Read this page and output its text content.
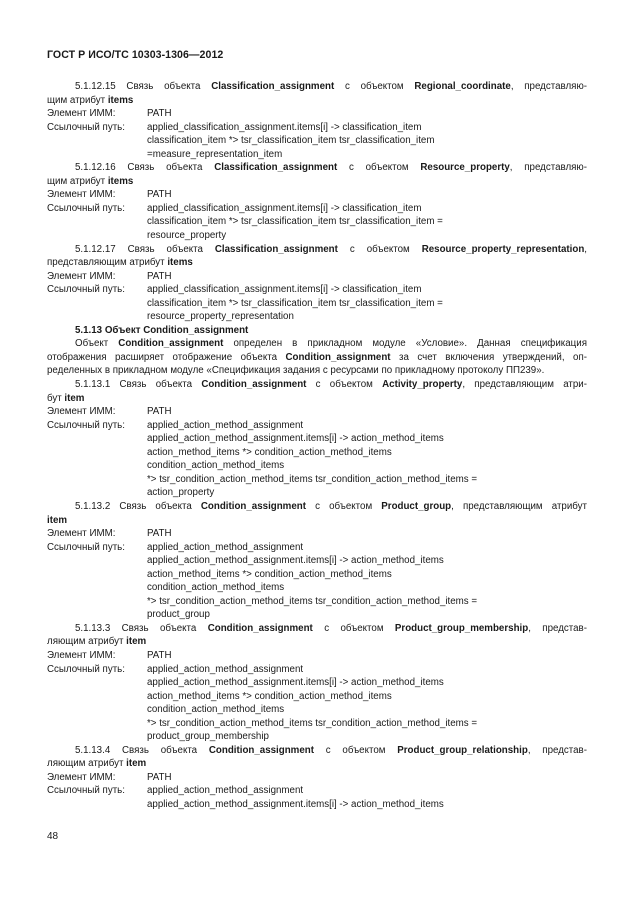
ГОСТ Р ИСО/ТС 10303-1306—2012
5.1.12.15 Связь объекта Classification_assignment с объектом Regional_coordinate, представляю-
щим атрибут items
Элемент ИММ:	PATH
Ссылочный путь:	applied_classification_assignment.items[i] -> classification_item
classification_item *> tsr_classification_item tsr_classification_item
=measure_representation_item
5.1.12.16 Связь объекта Classification_assignment с объектом Resource_property, представляю-
щим атрибут items
Элемент ИММ:	PATH
Ссылочный путь:	applied_classification_assignment.items[i] -> classification_item
classification_item *> tsr_classification_item tsr_classification_item =
resource_property
5.1.12.17 Связь объекта Classification_assignment с объектом Resource_property_representation,
представляющим атрибут items
Элемент ИММ:	PATH
Ссылочный путь:	applied_classification_assignment.items[i] -> classification_item
classification_item *> tsr_classification_item tsr_classification_item =
resource_property_representation
5.1.13 Объект Condition_assignment
Объект Condition_assignment определен в прикладном модуле «Условие». Данная спецификация
отображения расширяет отображение объекта Condition_assignment за счет включения утверждений, оп-
ределенных в прикладном модуле «Спецификация задания с ресурсами по прикладному протоколу ПП239».
5.1.13.1 Связь объекта Condition_assignment с объектом Activity_property, представляющим атри-
бут item
Элемент ИММ:	PATH
Ссылочный путь:	applied_action_method_assignment
applied_action_method_assignment.items[i] -> action_method_items
action_method_items *> condition_action_method_items
condition_action_method_items
*> tsr_condition_action_method_items tsr_condition_action_method_items =
action_property
5.1.13.2 Связь объекта Condition_assignment с объектом Product_group, представляющим атрибут
item
Элемент ИММ:	PATH
Ссылочный путь:	applied_action_method_assignment
applied_action_method_assignment.items[i] -> action_method_items
action_method_items *> condition_action_method_items
condition_action_method_items
*> tsr_condition_action_method_items tsr_condition_action_method_items =
product_group
5.1.13.3 Связь объекта Condition_assignment с объектом Product_group_membership, представ-
ляющим атрибут item
Элемент ИММ:	PATH
Ссылочный путь:	applied_action_method_assignment
applied_action_method_assignment.items[i] -> action_method_items
action_method_items *> condition_action_method_items
condition_action_method_items
*> tsr_condition_action_method_items tsr_condition_action_method_items =
product_group_membership
5.1.13.4 Связь объекта Condition_assignment с объектом Product_group_relationship, представ-
ляющим атрибут item
Элемент ИММ:	PATH
Ссылочный путь:	applied_action_method_assignment
applied_action_method_assignment.items[i] -> action_method_items
48
